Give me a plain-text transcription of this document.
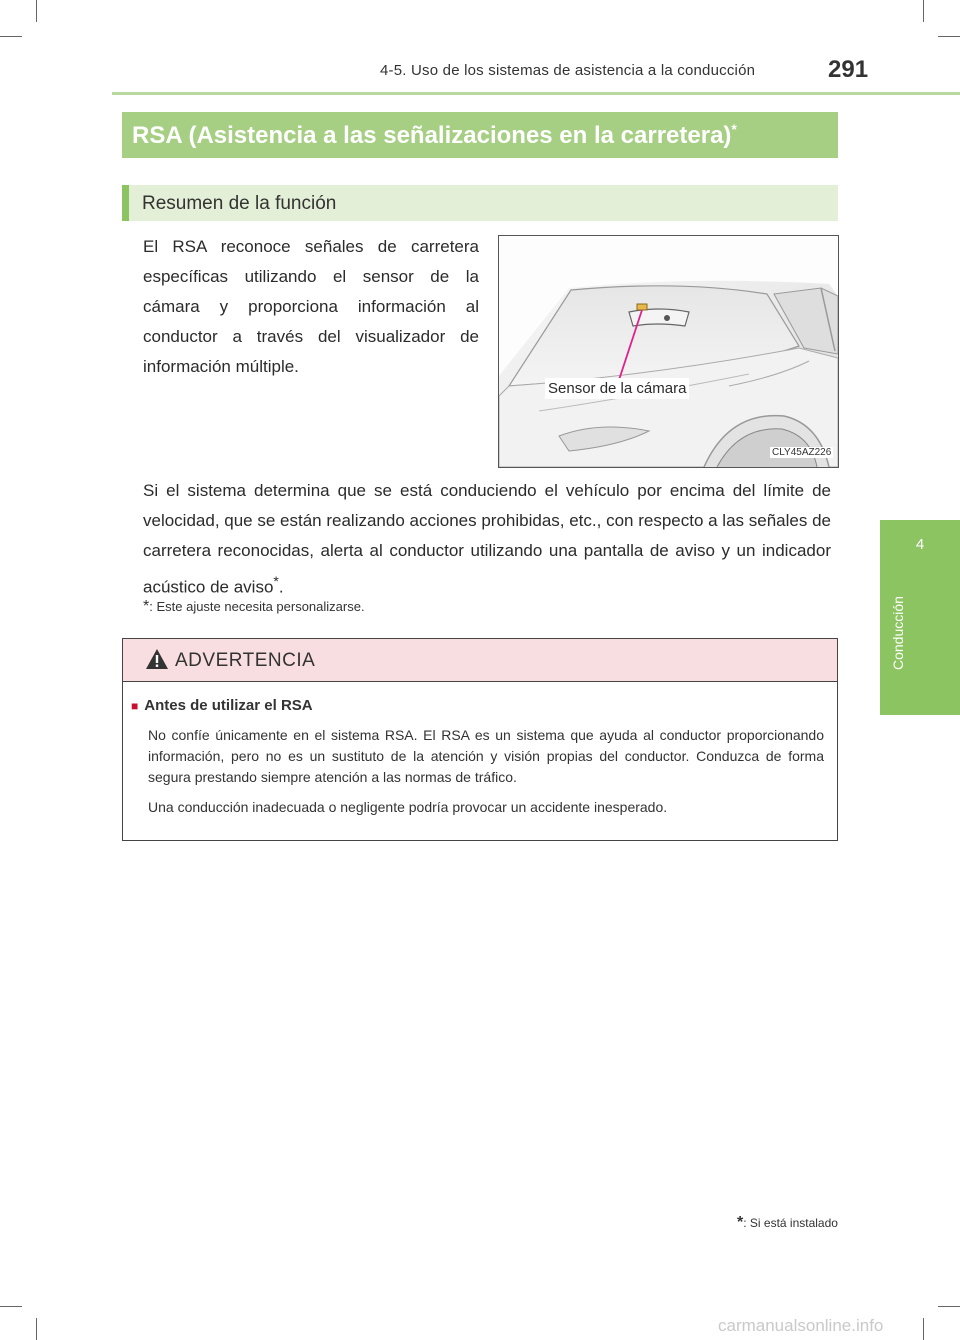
4-5. Uso de los sistemas de asistencia a la conducción	291
4
Conducción
RSA (Asistencia a las señalizaciones en la carretera)*
Resumen de la función
El RSA reconoce señales de carretera específicas utilizando el sensor de la cámara y proporciona información al conductor a través del visualizador de información múltiple.
Sensor de la cámara
CLY45AZ226
Si el sistema determina que se está conduciendo el vehículo por encima del límite de velocidad, que se están realizando acciones prohibidas, etc., con respecto a las señales de carretera reconocidas, alerta al conductor utilizando una pantalla de aviso y un indicador acústico de aviso*.
*: Este ajuste necesita personalizarse.
ADVERTENCIA
■ Antes de utilizar el RSA
No confíe únicamente en el sistema RSA. El RSA es un sistema que ayuda al conductor proporcionando información, pero no es un sustituto de la atención y visión propias del conductor. Conduzca de forma segura prestando siempre atención a las normas de tráfico.
Una conducción inadecuada o negligente podría provocar un accidente inesperado.
*: Si está instalado
carmanualsonline.info
